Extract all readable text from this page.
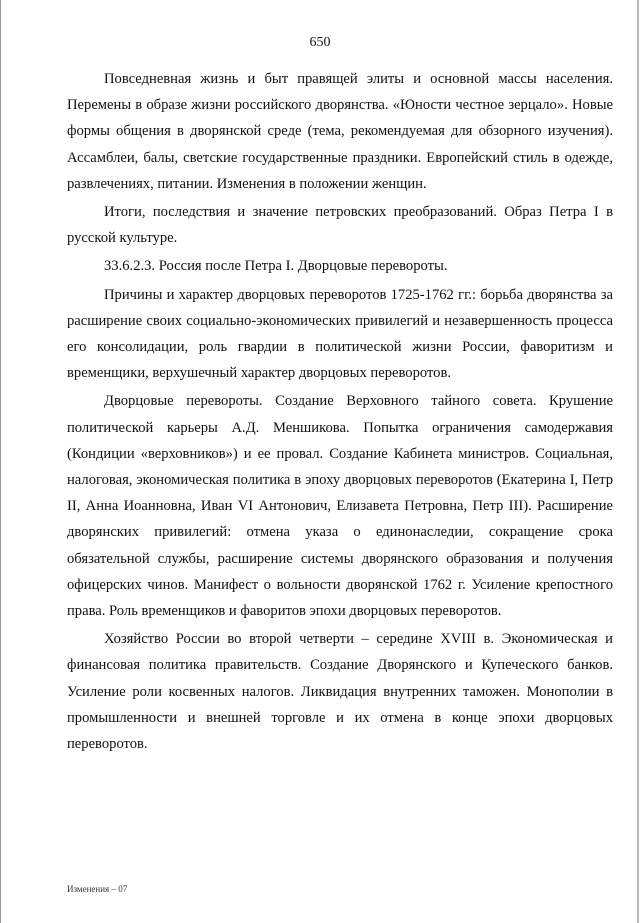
650

Повседневная жизнь и быт правящей элиты и основной массы населения. Перемены в образе жизни российского дворянства. «Юности честное зерцало». Новые формы общения в дворянской среде (тема, рекомендуемая для обзорного изучения). Ассамблеи, балы, светские государственные праздники. Европейский стиль в одежде, развлечениях, питании. Изменения в положении женщин.

Итоги, последствия и значение петровских преобразований. Образ Петра I в русской культуре.

33.6.2.3. Россия после Петра I. Дворцовые перевороты.

Причины и характер дворцовых переворотов 1725-1762 гг.: борьба дворянства за расширение своих социально-экономических привилегий и незавершенность процесса его консолидации, роль гвардии в политической жизни России, фаворитизм и временщики, верхушечный характер дворцовых переворотов.

Дворцовые перевороты. Создание Верховного тайного совета. Крушение политической карьеры А.Д. Меншикова. Попытка ограничения самодержавия (Кондиции «верховников») и ее провал. Создание Кабинета министров. Социальная, налоговая, экономическая политика в эпоху дворцовых переворотов (Екатерина I, Петр II, Анна Иоанновна, Иван VI Антонович, Елизавета Петровна, Петр III). Расширение дворянских привилегий: отмена указа о единонаследии, сокращение срока обязательной службы, расширение системы дворянского образования и получения офицерских чинов. Манифест о вольности дворянской 1762 г. Усиление крепостного права. Роль временщиков и фаворитов эпохи дворцовых переворотов.

Хозяйство России во второй четверти – середине XVIII в. Экономическая и финансовая политика правительств. Создание Дворянского и Купеческого банков. Усиление роли косвенных налогов. Ликвидация внутренних таможен. Монополии в промышленности и внешней торговле и их отмена в конце эпохи дворцовых переворотов.

Изменения – 07
